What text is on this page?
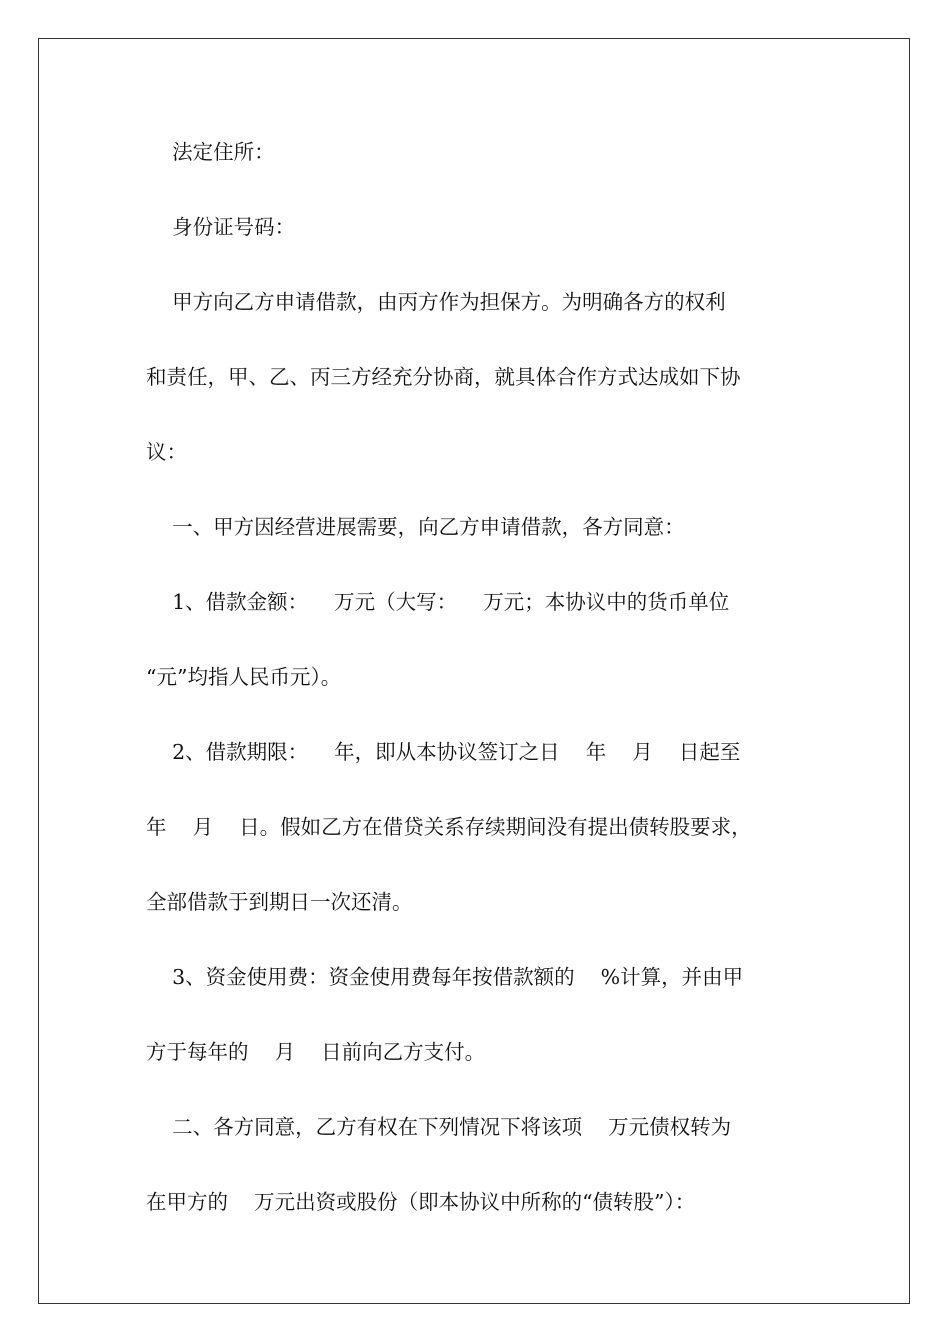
法定住所：
身份证号码：
甲方向乙方申请借款，由丙方作为担保方。为明确各方的权利
和责任，甲、乙、丙三方经充分协商，就具体合作方式达成如下协
议：
一、甲方因经营进展需要，向乙方申请借款，各方同意：
1、借款金额：    万元（大写：    万元；本协议中的货币单位
“元”均指人民币元）。
2、借款期限：    年，即从本协议签订之日    年    月    日起至
年    月    日。假如乙方在借贷关系存续期间没有提出债转股要求，
全部借款于到期日一次还清。
3、资金使用费：资金使用费每年按借款额的    %计算，并由甲
方于每年的    月    日前向乙方支付。
二、各方同意，乙方有权在下列情况下将该项    万元债权转为
在甲方的    万元出资或股份（即本协议中所称的“债转股”）：
